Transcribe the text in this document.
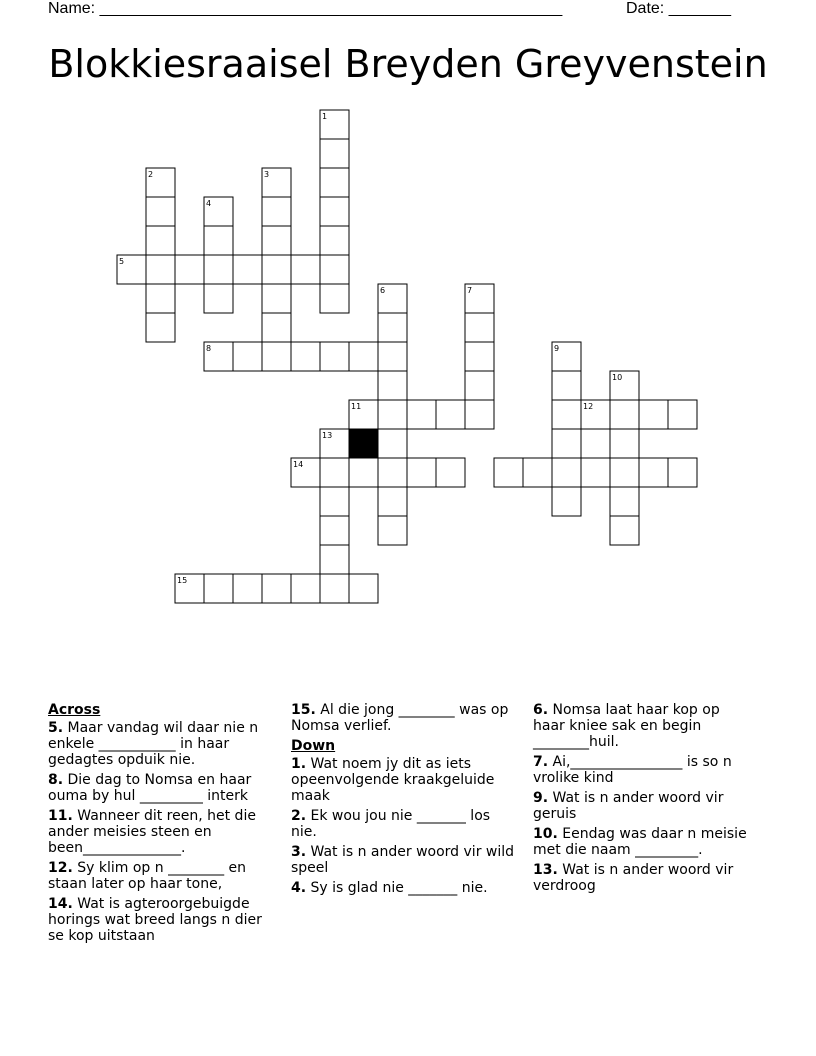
Name: ____________________________________________________	Date: _______
Blokkiesraaisel Breyden Greyvenstein
1
2	3
4
5
6	7
8	9
10
11	12
13
14
15
Across
5. Maar vandag wil daar nie n enkele ___________ in haar gedagtes opduik nie.
8. Die dag to Nomsa en haar ouma by hul _________ interk
11. Wanneer dit reen, het die ander meisies steen en been______________.
12. Sy klim op n ________ en staan later op haar tone,
14. Wat is agteroorgebuigde horings wat breed langs n dier se kop uitstaan
15. Al die jong ________ was op Nomsa verlief.
Down
1. Wat noem jy dit as iets opeenvolgende kraakgeluide maak
2. Ek wou jou nie _______ los nie.
3. Wat is n ander woord vir wild speel
4. Sy is glad nie _______ nie.
6. Nomsa laat haar kop op haar kniee sak en begin ________huil.
7. Ai,________________ is so n vrolike kind
9. Wat is n ander woord vir geruis
10. Eendag was daar n meisie met die naam _________.
13. Wat is n ander woord vir verdroog
